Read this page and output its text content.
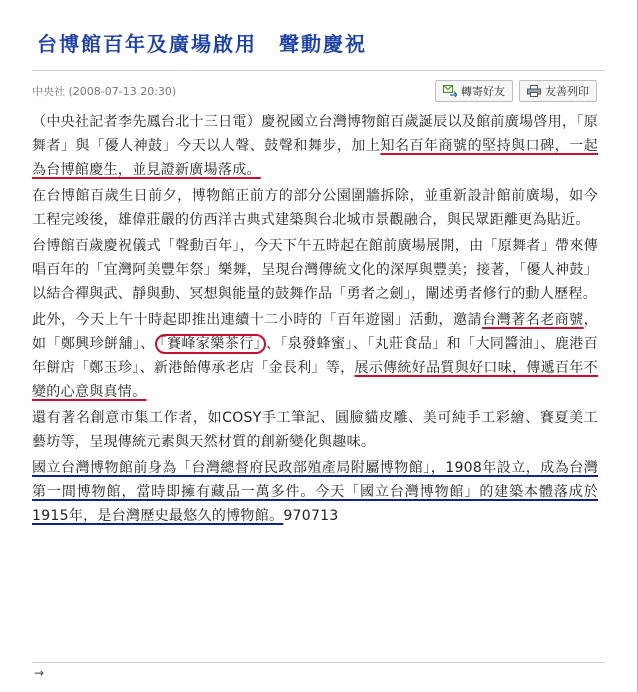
台博館百年及廣場啟用　聲動慶祝
中央社 (2008-07-13 20:30)	轉寄好友	友善列印

（中央社記者李先鳳台北十三日電）慶祝國立台灣博物館百歲誕辰以及館前廣場啓用，「原舞者」與「優人神鼓」今天以人聲、鼓聲和舞步，加上知名百年商號的堅持與口碑，一起為台博館慶生，並見證新廣場落成。

在台博館百歲生日前夕，博物館正前方的部分公園圍牆拆除，並重新設計館前廣場，如今工程完竣後，雄偉莊嚴的仿西洋古典式建築與台北城市景觀融合，與民眾距離更為貼近。

台博館百歲慶祝儀式「聲動百年」，今天下午五時起在館前廣場展開，由「原舞者」帶來傳唱百年的「宜灣阿美豐年祭」樂舞，呈現台灣傳統文化的深厚與豐美；接著，「優人神鼓」以結合禪與武、靜與動、冥想與能量的鼓舞作品「勇者之劍」，闡述勇者修行的動人歷程。

此外，今天上午十時起即推出連續十二小時的「百年遊園」活動，邀請台灣著名老商號，如「鄭興珍餅舖」、 「賽峰家樂茶行」 、「泉發蜂蜜」、「丸莊食品」和「大同醬油」、鹿港百年餅店「鄭玉珍」、新港飴傳承老店「金長利」等，展示傳統好品質與好口味，傳遞百年不變的心意與真情。

還有著名創意市集工作者，如COSY手工筆記、圓臉貓皮雕、美可純手工彩繪、賽夏美工藝坊等，呈現傳統元素與天然材質的創新變化與趣味。

國立台灣博物館前身為「台灣總督府民政部殖產局附屬博物館」，1908年設立，成為台灣第一間博物館，當時即擁有藏品一萬多件。今天「國立台灣博物館」的建築本體落成於1915年，是台灣歷史最悠久的博物館。970713

→
